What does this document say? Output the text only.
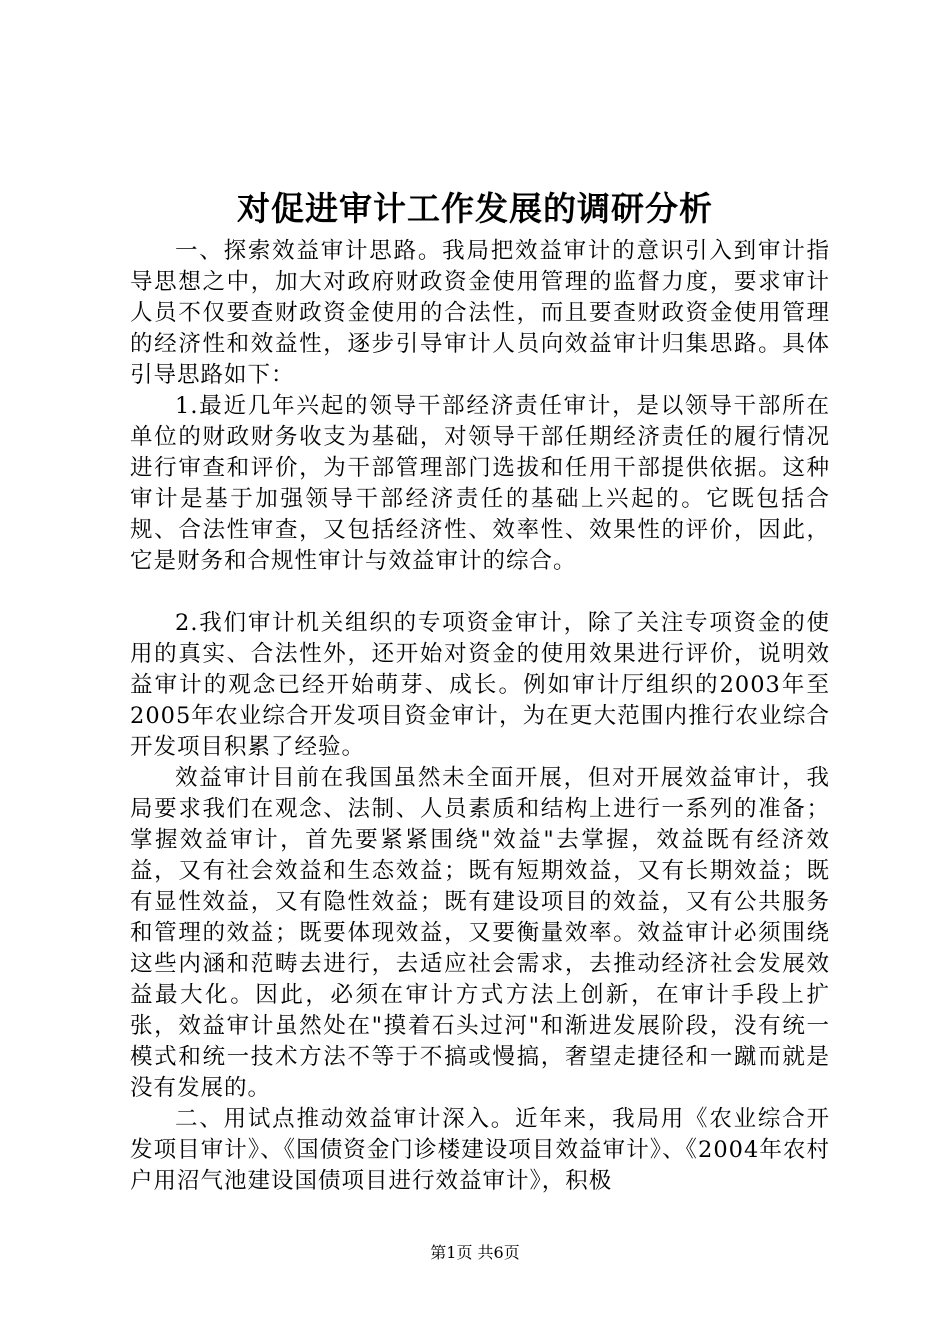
对促进审计工作发展的调研分析

一、探索效益审计思路。我局把效益审计的意识引入到审计指导思想之中，加大对政府财政资金使用管理的监督力度，要求审计人员不仅要查财政资金使用的合法性，而且要查财政资金使用管理的经济性和效益性，逐步引导审计人员向效益审计归集思路。具体引导思路如下：

1.最近几年兴起的领导干部经济责任审计，是以领导干部所在单位的财政财务收支为基础，对领导干部任期经济责任的履行情况进行审查和评价，为干部管理部门选拔和任用干部提供依据。这种审计是基于加强领导干部经济责任的基础上兴起的。它既包括合规、合法性审查，又包括经济性、效率性、效果性的评价，因此，它是财务和合规性审计与效益审计的综合。

2.我们审计机关组织的专项资金审计，除了关注专项资金的使用的真实、合法性外，还开始对资金的使用效果进行评价，说明效益审计的观念已经开始萌芽、成长。例如审计厅组织的2003年至2005年农业综合开发项目资金审计，为在更大范围内推行农业综合开发项目积累了经验。

效益审计目前在我国虽然未全面开展，但对开展效益审计，我局要求我们在观念、法制、人员素质和结构上进行一系列的准备；掌握效益审计，首先要紧紧围绕"效益"去掌握，效益既有经济效益，又有社会效益和生态效益；既有短期效益，又有长期效益；既有显性效益，又有隐性效益；既有建设项目的效益，又有公共服务和管理的效益；既要体现效益，又要衡量效率。效益审计必须围绕这些内涵和范畴去进行，去适应社会需求，去推动经济社会发展效益最大化。因此，必须在审计方式方法上创新，在审计手段上扩张，效益审计虽然处在"摸着石头过河"和渐进发展阶段，没有统一模式和统一技术方法不等于不搞或慢搞，奢望走捷径和一蹴而就是没有发展的。

二、用试点推动效益审计深入。近年来，我局用《农业综合开发项目审计》、《国债资金门诊楼建设项目效益审计》、《2004年农村户用沼气池建设国债项目进行效益审计》，积极

第1页 共6页
